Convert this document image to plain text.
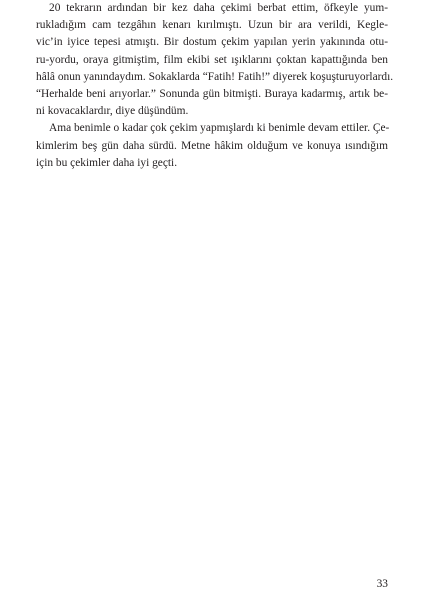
20 tekrarın ardından bir kez daha çekimi berbat ettim, öfkeyle yum-
rukladığım cam tezgâhın kenarı kırılmıştı. Uzun bir ara verildi, Keglе-
vic’in iyice tepesi atmıştı. Bir dostum çekim yapılan yerin yakınında otu-
ru-yordu, oraya gitmiştim, film ekibi set ışıklarını çoktan kapattığında ben
hâlâ onun yanındaydım. Sokaklarda “Fatih! Fatih!” diyerek koşuşturuyorlardı.
“Herhalde beni arıyorlar.” Sonunda gün bitmişti. Buraya kadarmış, artık be-
ni kovacaklardır, diye düşündüm.

Ama benimle o kadar çok çekim yapmışlardı ki benimle devam ettiler. Çe-
kimlerim beş gün daha sürdü. Metne hâkim olduğum ve konuya ısındığım
için bu çekimler daha iyi geçti.

33
